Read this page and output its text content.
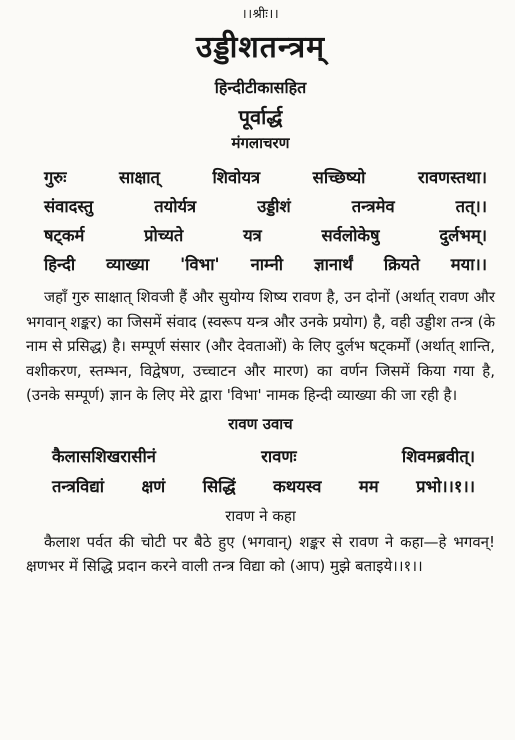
।।श्रीः।।
उड्डीशतन्त्रम्
हिन्दीटीकासहित
पूर्वार्द्ध
मंगलाचरण
गुरुः साक्षात् शिवोयत्र सच्छिष्यो रावणस्तथा।
संवादस्तु तयोर्यत्र उड्डीशं तन्त्रमेव तत्।।
षट्कर्म प्रोच्यते यत्र सर्वलोकेषु दुर्लभम्।
हिन्दी व्याख्या 'विभा' नाम्नी ज्ञानार्थं क्रियते मया।।
जहाँ गुरु साक्षात् शिवजी हैं और सुयोग्य शिष्य रावण है, उन दोनों (अर्थात् रावण और भगवान् शङ्कर) का जिसमें संवाद (स्वरूप यन्त्र और उनके प्रयोग) है, वही उड्डीश तन्त्र (के नाम से प्रसिद्ध) है। सम्पूर्ण संसार (और देवताओं) के लिए दुर्लभ षट्कर्मों (अर्थात् शान्ति, वशीकरण, स्तम्भन, विद्वेषण, उच्चाटन और मारण) का वर्णन जिसमें किया गया है, (उनके सम्पूर्ण) ज्ञान के लिए मेरे द्वारा 'विभा' नामक हिन्दी व्याख्या की जा रही है।
रावण उवाच
कैलासशिखरासीनं रावणः शिवमब्रवीत्।
तन्त्रविद्यां क्षणं सिद्धिं कथयस्व मम प्रभो।।१।।
रावण ने कहा
कैलाश पर्वत की चोटी पर बैठे हुए (भगवान्) शङ्कर से रावण ने कहा—हे भगवन्! क्षणभर में सिद्धि प्रदान करने वाली तन्त्र विद्या को (आप) मुझे बताइये।।१।।
